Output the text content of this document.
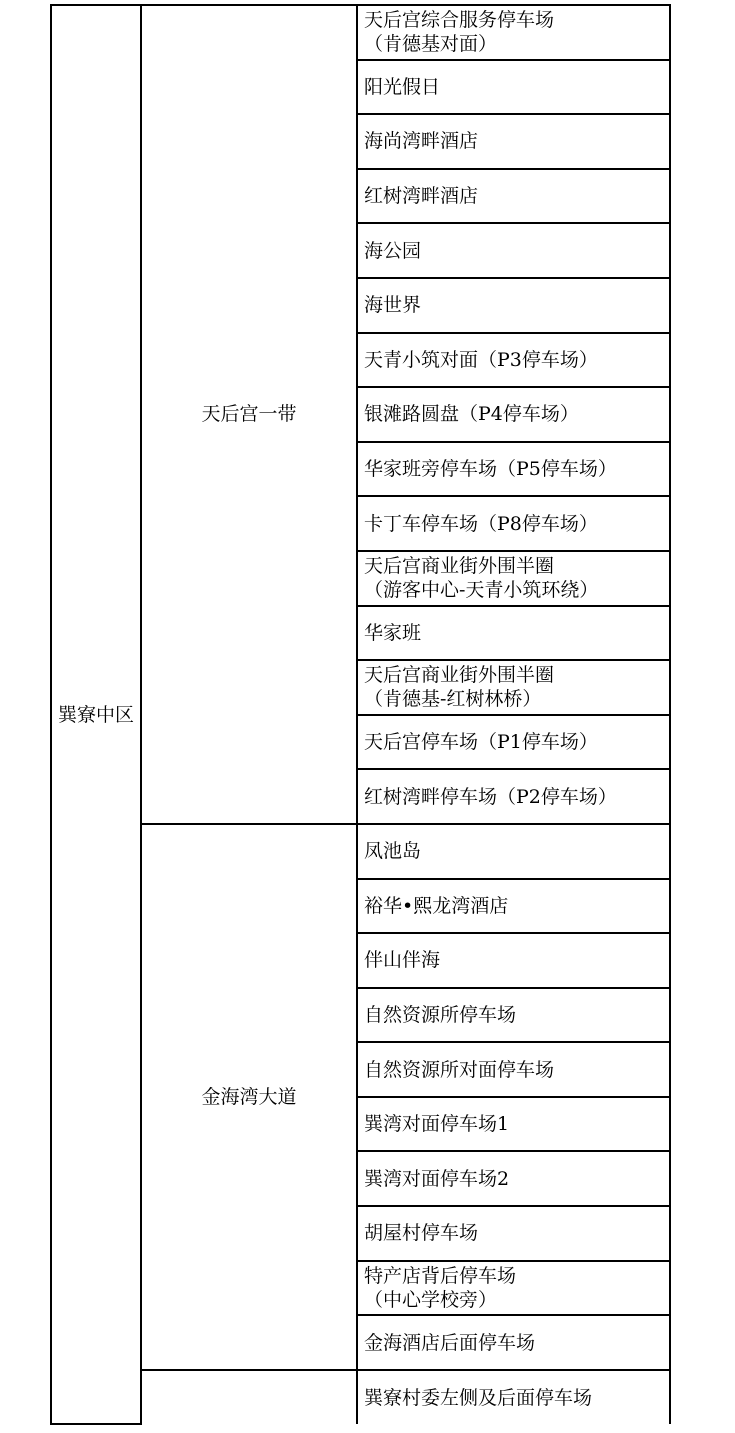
巽寮中区	天后宫一带	天后宫综合服务停车场
（肯德基对面）

		阳光假日
		海尚湾畔酒店
		红树湾畔酒店
		海公园
		海世界
		天青小筑对面（P3停车场）
		银滩路圆盘（P4停车场）
		华家班旁停车场（P5停车场）
		卡丁车停车场（P8停车场）
		天后宫商业街外围半圈
（游客中心-天青小筑环绕）

		华家班
		天后宫商业街外围半圈
（肯德基-红树林桥）

		天后宫停车场（P1停车场）
		红树湾畔停车场（P2停车场）
	金海湾大道	凤池岛
		裕华•熙龙湾酒店
		伴山伴海
		自然资源所停车场
		自然资源所对面停车场
		巽湾对面停车场1
		巽湾对面停车场2
		胡屋村停车场
		特产店背后停车场
（中心学校旁）

		金海酒店后面停车场
		巽寮村委左侧及后面停车场
